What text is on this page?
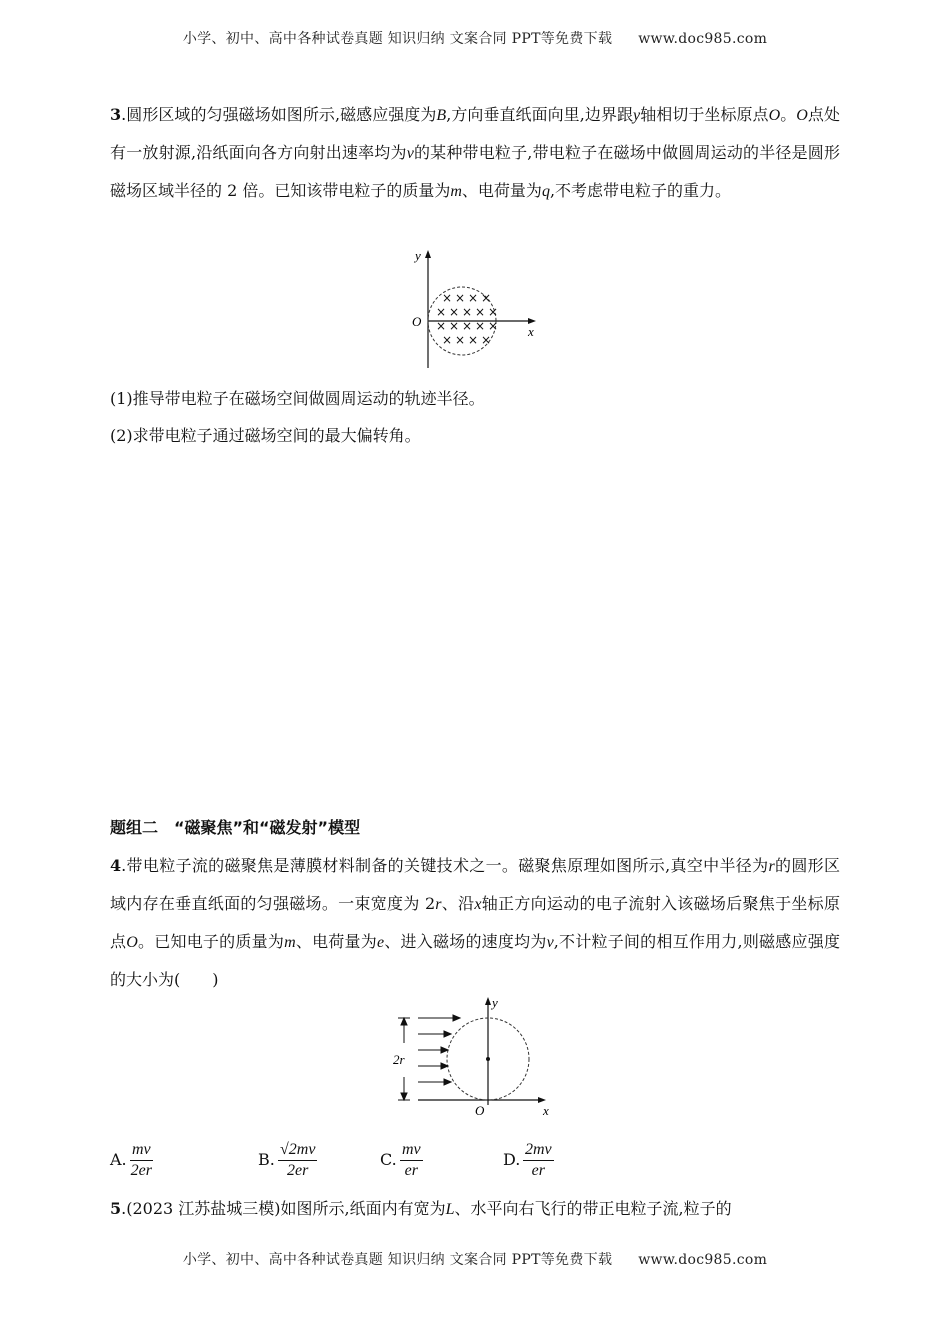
小学、初中、高中各种试卷真题 知识归纳 文案合同 PPT等免费下载 www.doc985.com
3.圆形区域的匀强磁场如图所示,磁感应强度为B,方向垂直纸面向里,边界跟y轴相切于坐标原点O。O点处有一放射源,沿纸面向各方向射出速率均为v的某种带电粒子,带电粒子在磁场中做圆周运动的半径是圆形磁场区域半径的 2 倍。已知该带电粒子的质量为m、电荷量为q,不考虑带电粒子的重力。
× × × ×
× × × × ×
× × × × ×
× × × ×
y
x
O
(1)推导带电粒子在磁场空间做圆周运动的轨迹半径。
(2)求带电粒子通过磁场空间的最大偏转角。
题组二　“磁聚焦”和“磁发射”模型
4.带电粒子流的磁聚焦是薄膜材料制备的关键技术之一。磁聚焦原理如图所示,真空中半径为r的圆形区域内存在垂直纸面的匀强磁场。一束宽度为 2r、沿x轴正方向运动的电子流射入该磁场后聚焦于坐标原点O。已知电子的质量为m、电荷量为e、进入磁场的速度均为v,不计粒子间的相互作用力,则磁感应强度的大小为(　　)
2r
y
x
O
A. $\frac{mv}{2er}$	B. $\frac{√2mv}{2er}$	C. $\frac{mv}{er}$	D. $\frac{2mv}{er}$
5.(2023 江苏盐城三模)如图所示,纸面内有宽为L、水平向右飞行的带正电粒子流,粒子的
小学、初中、高中各种试卷真题 知识归纳 文案合同 PPT等免费下载 www.doc985.com
